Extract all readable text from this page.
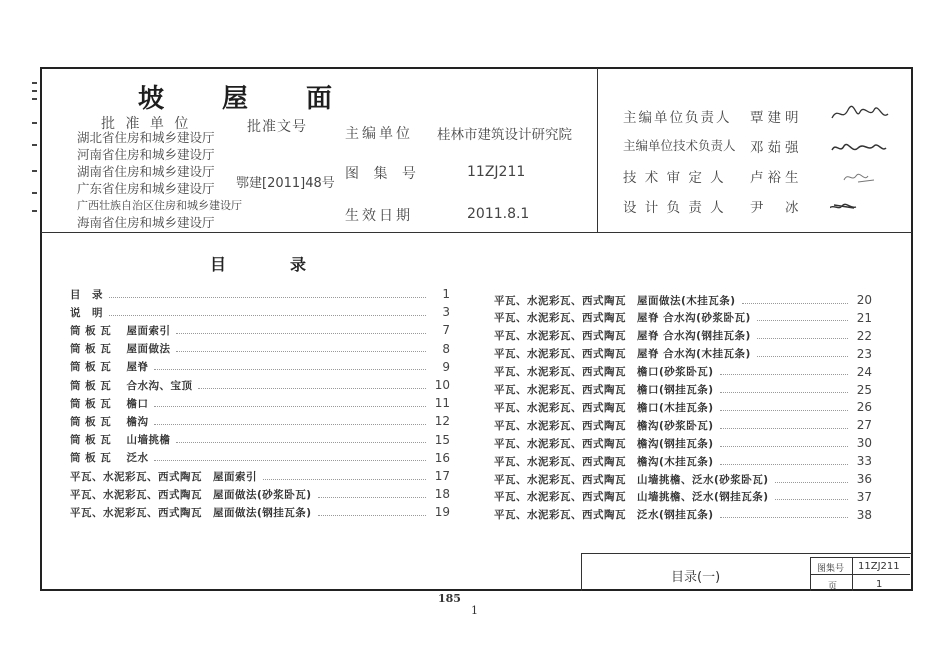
坡　　屋　　面
批 准 单 位
湖北省住房和城乡建设厅
河南省住房和城乡建设厅
湖南省住房和城乡建设厅
广东省住房和城乡建设厅
广西壮族自治区住房和城乡建设厅
海南省住房和城乡建设厅
批准文号
鄂建[2011]48号
主编单位 桂林市建筑设计研究院
图 集 号	11ZJ211
生效日期	2011.8.1
主编单位负责人 覃建明
主编单位技术负责人 邓茹强
技 术 审 定 人 卢裕生
设 计 负 责 人 尹　冰
目　　　　录
目　录	1
说　明	3
筒 板 瓦　 屋面索引	7
筒 板 瓦　 屋面做法	8
筒 板 瓦　 屋脊	9
筒 板 瓦　 合水沟、宝顶	10
筒 板 瓦　 檐口	11
筒 板 瓦　 檐沟	12
筒 板 瓦　 山墙挑檐	15
筒 板 瓦　 泛水	16
平瓦、水泥彩瓦、西式陶瓦　屋面索引	17
平瓦、水泥彩瓦、西式陶瓦　屋面做法(砂浆卧瓦)	18
平瓦、水泥彩瓦、西式陶瓦　屋面做法(钢挂瓦条)	19
平瓦、水泥彩瓦、西式陶瓦　屋面做法(木挂瓦条)	20
平瓦、水泥彩瓦、西式陶瓦　屋脊 合水沟(砂浆卧瓦)	21
平瓦、水泥彩瓦、西式陶瓦　屋脊 合水沟(钢挂瓦条)	22
平瓦、水泥彩瓦、西式陶瓦　屋脊 合水沟(木挂瓦条)	23
平瓦、水泥彩瓦、西式陶瓦　檐口(砂浆卧瓦)	24
平瓦、水泥彩瓦、西式陶瓦　檐口(钢挂瓦条)	25
平瓦、水泥彩瓦、西式陶瓦　檐口(木挂瓦条)	26
平瓦、水泥彩瓦、西式陶瓦　檐沟(砂浆卧瓦)	27
平瓦、水泥彩瓦、西式陶瓦　檐沟(钢挂瓦条)	30
平瓦、水泥彩瓦、西式陶瓦　檐沟(木挂瓦条)	33
平瓦、水泥彩瓦、西式陶瓦　山墙挑檐、泛水(砂浆卧瓦)	36
平瓦、水泥彩瓦、西式陶瓦　山墙挑檐、泛水(钢挂瓦条)	37
平瓦、水泥彩瓦、西式陶瓦　泛水(钢挂瓦条)	38
目录(一)
图集号 11ZJ211
页	1
185
1
